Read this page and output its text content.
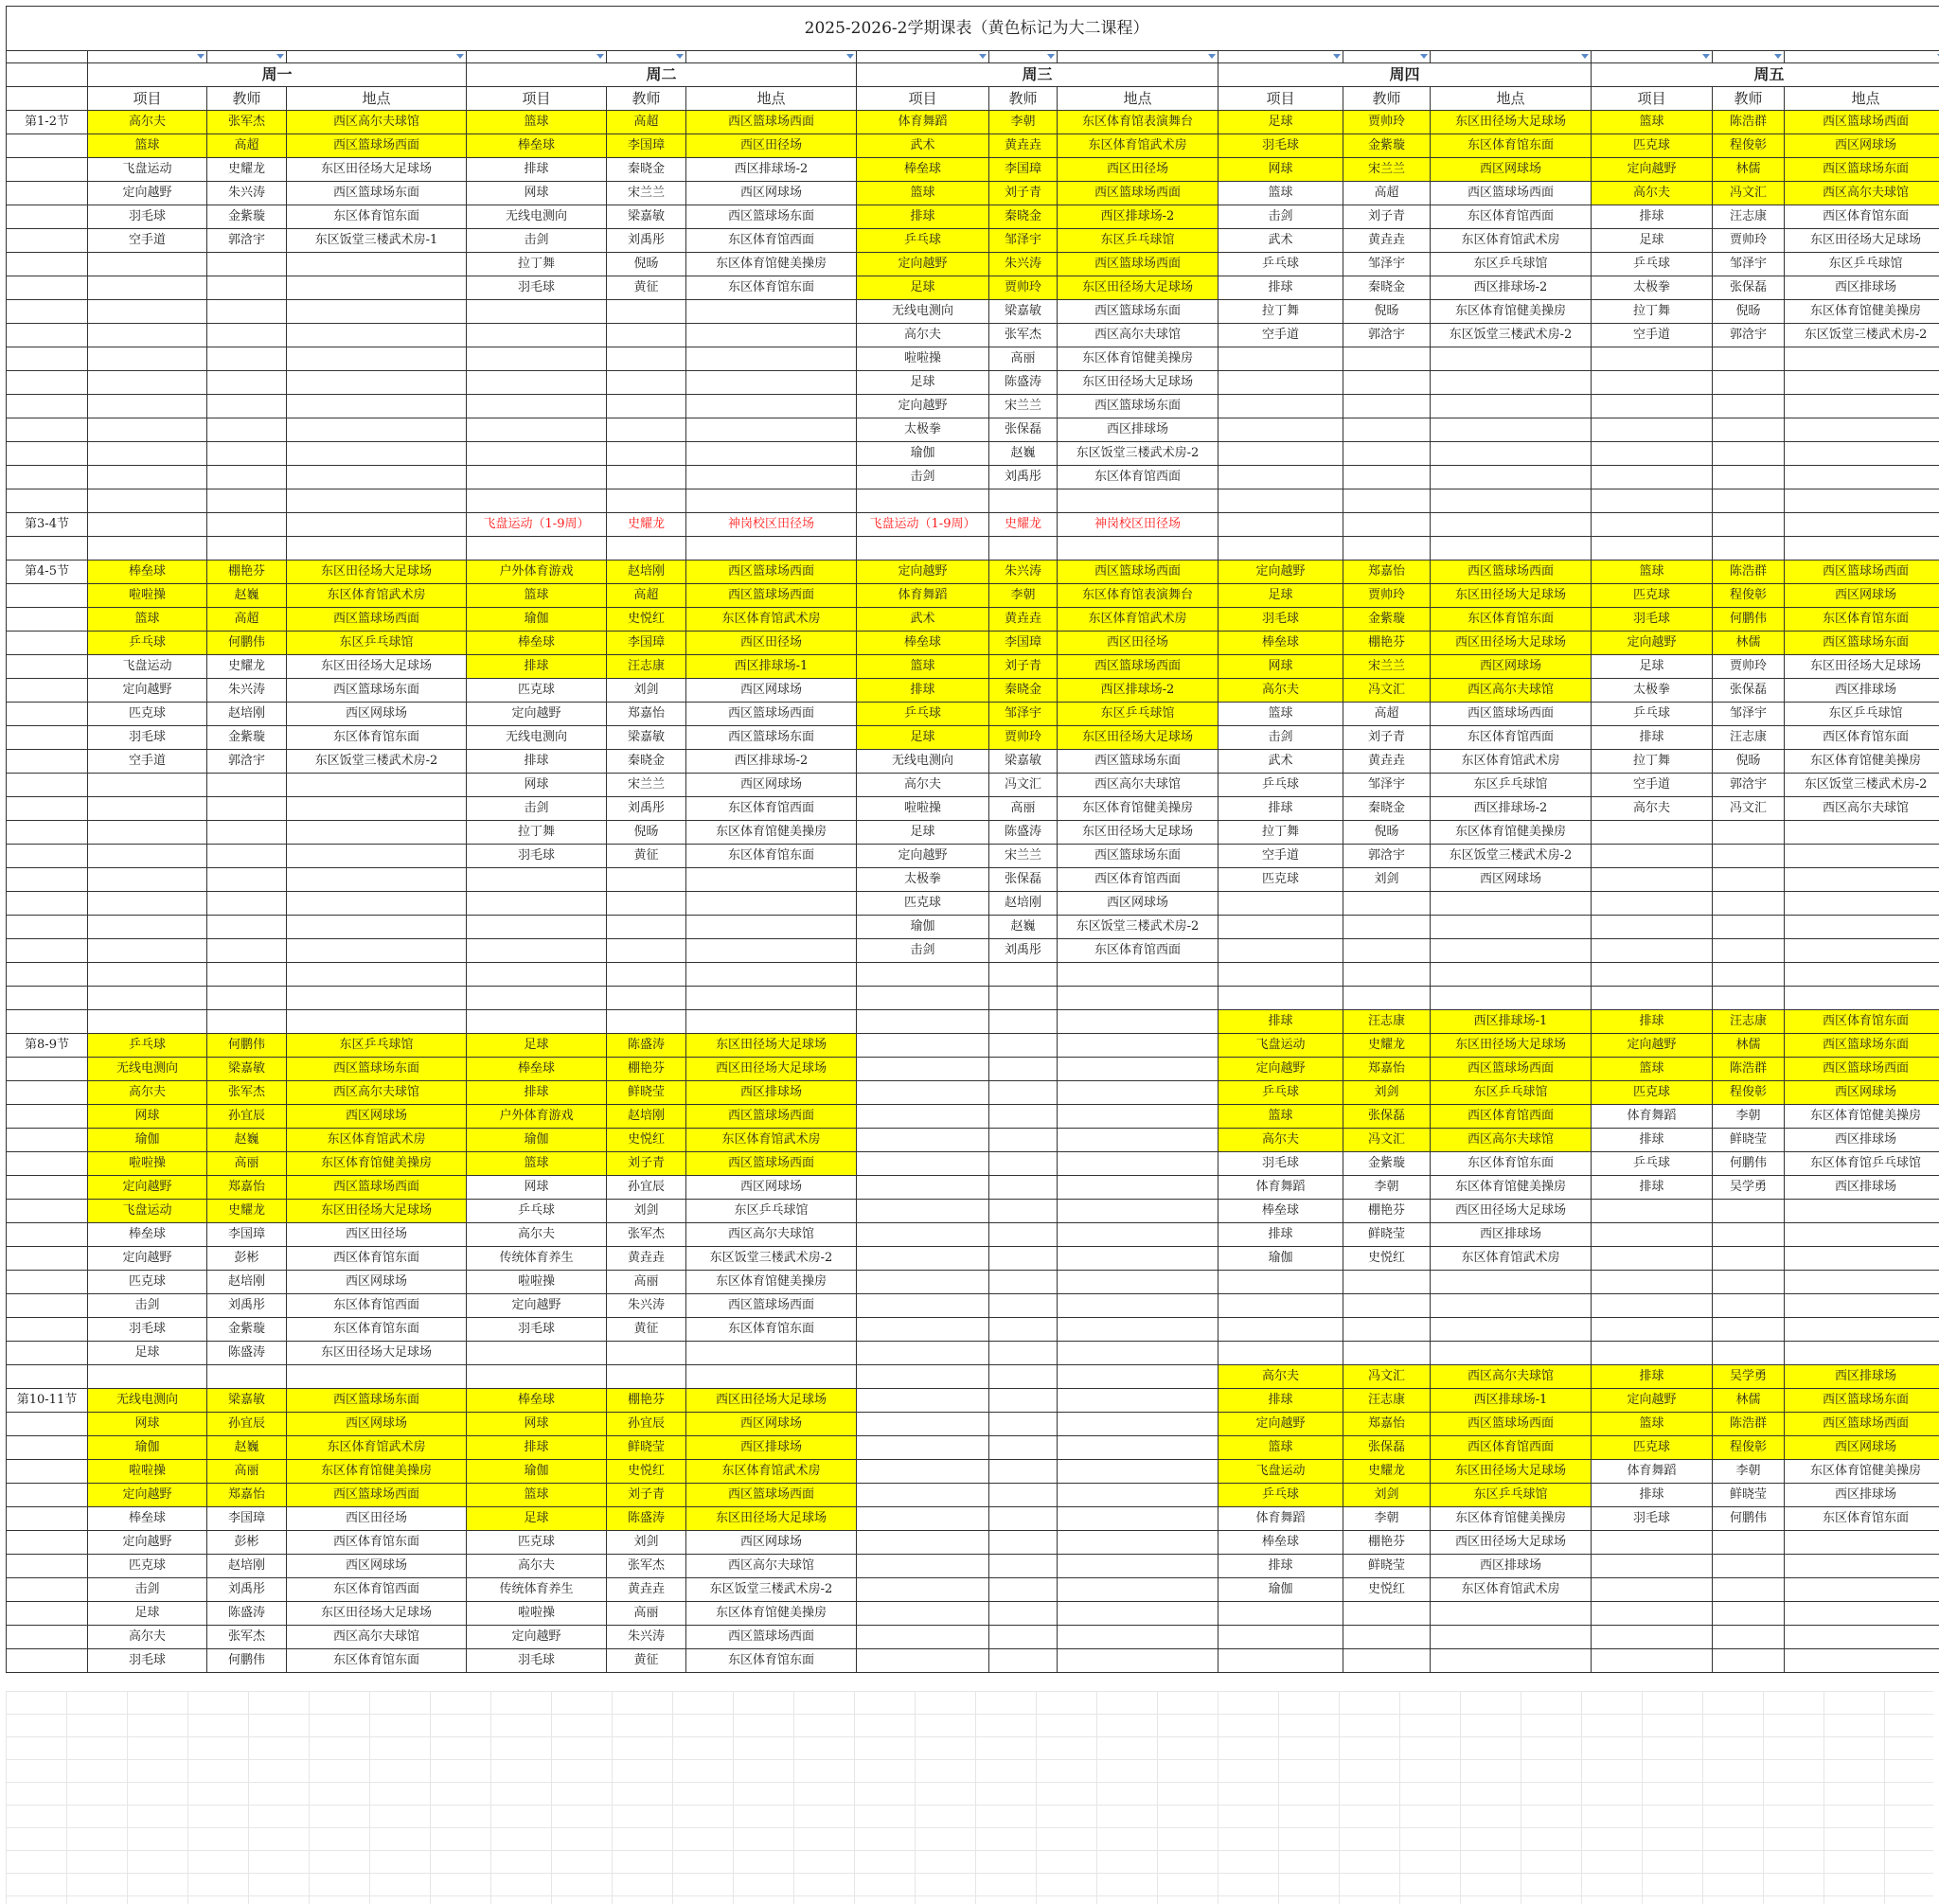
2025-2026-2学期课表（黄色标记为大二课程）															

	周一			周二			周三			周四			周五		
	项目	教师	地点	项目	教师	地点	项目	教师	地点	项目	教师	地点	项目	教师	地点
第1-2节	高尔夫	张军杰	西区高尔夫球馆	篮球	高超	西区篮球场西面	体育舞蹈	李朝	东区体育馆表演舞台	足球	贾帅玲	东区田径场大足球场	篮球	陈浩群	西区篮球场西面
	篮球	高超	西区篮球场西面	棒垒球	李国璋	西区田径场	武术	黄垚垚	东区体育馆武术房	羽毛球	金紫璇	东区体育馆东面	匹克球	程俊彰	西区网球场
	飞盘运动	史耀龙	东区田径场大足球场	排球	秦晓金	西区排球场-2	棒垒球	李国璋	西区田径场	网球	宋兰兰	西区网球场	定向越野	林儒	西区篮球场东面
	定向越野	朱兴涛	西区篮球场东面	网球	宋兰兰	西区网球场	篮球	刘子青	西区篮球场西面	篮球	高超	西区篮球场西面	高尔夫	冯文汇	西区高尔夫球馆
	羽毛球	金紫璇	东区体育馆东面	无线电测向	梁嘉敏	西区篮球场东面	排球	秦晓金	西区排球场-2	击剑	刘子青	东区体育馆西面	排球	汪志康	西区体育馆东面
	空手道	郭浛宇	东区饭堂三楼武术房-1	击剑	刘禹彤	东区体育馆西面	乒乓球	邹泽宇	东区乒乓球馆	武术	黄垚垚	东区体育馆武术房	足球	贾帅玲	东区田径场大足球场
				拉丁舞	倪旸	东区体育馆健美操房	定向越野	朱兴涛	西区篮球场西面	乒乓球	邹泽宇	东区乒乓球馆	乒乓球	邹泽宇	东区乒乓球馆
				羽毛球	黄征	东区体育馆东面	足球	贾帅玲	东区田径场大足球场	排球	秦晓金	西区排球场-2	太极拳	张保磊	西区排球场
							无线电测向	梁嘉敏	西区篮球场东面	拉丁舞	倪旸	东区体育馆健美操房	拉丁舞	倪旸	东区体育馆健美操房
							高尔夫	张军杰	西区高尔夫球馆	空手道	郭浛宇	东区饭堂三楼武术房-2	空手道	郭浛宇	东区饭堂三楼武术房-2
							啦啦操	高丽	东区体育馆健美操房						
							足球	陈盛涛	东区田径场大足球场						
							定向越野	宋兰兰	西区篮球场东面						
							太极拳	张保磊	西区排球场						
							瑜伽	赵巍	东区饭堂三楼武术房-2						
							击剑	刘禹彤	东区体育馆西面						

第3-4节				飞盘运动（1-9周）	史耀龙	神岗校区田径场	飞盘运动（1-9周）	史耀龙	神岗校区田径场						

第4-5节	棒垒球	棚艳芬	东区田径场大足球场	户外体育游戏	赵培刚	西区篮球场西面	定向越野	朱兴涛	西区篮球场西面	定向越野	郑嘉怡	西区篮球场西面	篮球	陈浩群	西区篮球场西面
	啦啦操	赵巍	东区体育馆武术房	篮球	高超	西区篮球场西面	体育舞蹈	李朝	东区体育馆表演舞台	足球	贾帅玲	东区田径场大足球场	匹克球	程俊彰	西区网球场
	篮球	高超	西区篮球场西面	瑜伽	史悦红	东区体育馆武术房	武术	黄垚垚	东区体育馆武术房	羽毛球	金紫璇	东区体育馆东面	羽毛球	何鹏伟	东区体育馆东面
	乒乓球	何鹏伟	东区乒乓球馆	棒垒球	李国璋	西区田径场	棒垒球	李国璋	西区田径场	棒垒球	棚艳芬	西区田径场大足球场	定向越野	林儒	西区篮球场东面
	飞盘运动	史耀龙	东区田径场大足球场	排球	汪志康	西区排球场-1	篮球	刘子青	西区篮球场西面	网球	宋兰兰	西区网球场	足球	贾帅玲	东区田径场大足球场
	定向越野	朱兴涛	西区篮球场东面	匹克球	刘剑	西区网球场	排球	秦晓金	西区排球场-2	高尔夫	冯文汇	西区高尔夫球馆	太极拳	张保磊	西区排球场
	匹克球	赵培刚	西区网球场	定向越野	郑嘉怡	西区篮球场西面	乒乓球	邹泽宇	东区乒乓球馆	篮球	高超	西区篮球场西面	乒乓球	邹泽宇	东区乒乓球馆
	羽毛球	金紫璇	东区体育馆东面	无线电测向	梁嘉敏	西区篮球场东面	足球	贾帅玲	东区田径场大足球场	击剑	刘子青	东区体育馆西面	排球	汪志康	西区体育馆东面
	空手道	郭浛宇	东区饭堂三楼武术房-2	排球	秦晓金	西区排球场-2	无线电测向	梁嘉敏	西区篮球场东面	武术	黄垚垚	东区体育馆武术房	拉丁舞	倪旸	东区体育馆健美操房
				网球	宋兰兰	西区网球场	高尔夫	冯文汇	西区高尔夫球馆	乒乓球	邹泽宇	东区乒乓球馆	空手道	郭浛宇	东区饭堂三楼武术房-2
				击剑	刘禹彤	东区体育馆西面	啦啦操	高丽	东区体育馆健美操房	排球	秦晓金	西区排球场-2	高尔夫	冯文汇	西区高尔夫球馆
				拉丁舞	倪旸	东区体育馆健美操房	足球	陈盛涛	东区田径场大足球场	拉丁舞	倪旸	东区体育馆健美操房			
				羽毛球	黄征	东区体育馆东面	定向越野	宋兰兰	西区篮球场东面	空手道	郭浛宇	东区饭堂三楼武术房-2			
							太极拳	张保磊	西区体育馆西面	匹克球	刘剑	西区网球场			
							匹克球	赵培刚	西区网球场						
							瑜伽	赵巍	东区饭堂三楼武术房-2						
							击剑	刘禹彤	东区体育馆西面						

										排球	汪志康	西区排球场-1	排球	汪志康	西区体育馆东面
第8-9节	乒乓球	何鹏伟	东区乒乓球馆	足球	陈盛涛	东区田径场大足球场				飞盘运动	史耀龙	东区田径场大足球场	定向越野	林儒	西区篮球场东面
	无线电测向	梁嘉敏	西区篮球场东面	棒垒球	棚艳芬	西区田径场大足球场				定向越野	郑嘉怡	西区篮球场西面	篮球	陈浩群	西区篮球场西面
	高尔夫	张军杰	西区高尔夫球馆	排球	鲜晓莹	西区排球场				乒乓球	刘剑	东区乒乓球馆	匹克球	程俊彰	西区网球场
	网球	孙宜辰	西区网球场	户外体育游戏	赵培刚	西区篮球场西面				篮球	张保磊	西区体育馆西面	体育舞蹈	李朝	东区体育馆健美操房
	瑜伽	赵巍	东区体育馆武术房	瑜伽	史悦红	东区体育馆武术房				高尔夫	冯文汇	西区高尔夫球馆	排球	鲜晓莹	西区排球场
	啦啦操	高丽	东区体育馆健美操房	篮球	刘子青	西区篮球场西面				羽毛球	金紫璇	东区体育馆东面	乒乓球	何鹏伟	东区体育馆乒乓球馆
	定向越野	郑嘉怡	西区篮球场西面	网球	孙宜辰	西区网球场				体育舞蹈	李朝	东区体育馆健美操房	排球	吴学勇	西区排球场
	飞盘运动	史耀龙	东区田径场大足球场	乒乓球	刘剑	东区乒乓球馆				棒垒球	棚艳芬	西区田径场大足球场			
	棒垒球	李国璋	西区田径场	高尔夫	张军杰	西区高尔夫球馆				排球	鲜晓莹	西区排球场			
	定向越野	彭彬	西区体育馆东面	传统体育养生	黄垚垚	东区饭堂三楼武术房-2				瑜伽	史悦红	东区体育馆武术房			
	匹克球	赵培刚	西区网球场	啦啦操	高丽	东区体育馆健美操房									
	击剑	刘禹彤	东区体育馆西面	定向越野	朱兴涛	西区篮球场西面									
	羽毛球	金紫璇	东区体育馆东面	羽毛球	黄征	东区体育馆东面									
	足球	陈盛涛	东区田径场大足球场												
										高尔夫	冯文汇	西区高尔夫球馆	排球	吴学勇	西区排球场
第10-11节	无线电测向	梁嘉敏	西区篮球场东面	棒垒球	棚艳芬	西区田径场大足球场				排球	汪志康	西区排球场-1	定向越野	林儒	西区篮球场东面
	网球	孙宜辰	西区网球场	网球	孙宜辰	西区网球场				定向越野	郑嘉怡	西区篮球场西面	篮球	陈浩群	西区篮球场西面
	瑜伽	赵巍	东区体育馆武术房	排球	鲜晓莹	西区排球场				篮球	张保磊	西区体育馆西面	匹克球	程俊彰	西区网球场
	啦啦操	高丽	东区体育馆健美操房	瑜伽	史悦红	东区体育馆武术房				飞盘运动	史耀龙	东区田径场大足球场	体育舞蹈	李朝	东区体育馆健美操房
	定向越野	郑嘉怡	西区篮球场西面	篮球	刘子青	西区篮球场西面				乒乓球	刘剑	东区乒乓球馆	排球	鲜晓莹	西区排球场
	棒垒球	李国璋	西区田径场	足球	陈盛涛	东区田径场大足球场				体育舞蹈	李朝	东区体育馆健美操房	羽毛球	何鹏伟	东区体育馆东面
	定向越野	彭彬	西区体育馆东面	匹克球	刘剑	西区网球场				棒垒球	棚艳芬	西区田径场大足球场			
	匹克球	赵培刚	西区网球场	高尔夫	张军杰	西区高尔夫球馆				排球	鲜晓莹	西区排球场			
	击剑	刘禹彤	东区体育馆西面	传统体育养生	黄垚垚	东区饭堂三楼武术房-2				瑜伽	史悦红	东区体育馆武术房			
	足球	陈盛涛	东区田径场大足球场	啦啦操	高丽	东区体育馆健美操房									
	高尔夫	张军杰	西区高尔夫球馆	定向越野	朱兴涛	西区篮球场西面									
	羽毛球	何鹏伟	东区体育馆东面	羽毛球	黄征	东区体育馆东面									
